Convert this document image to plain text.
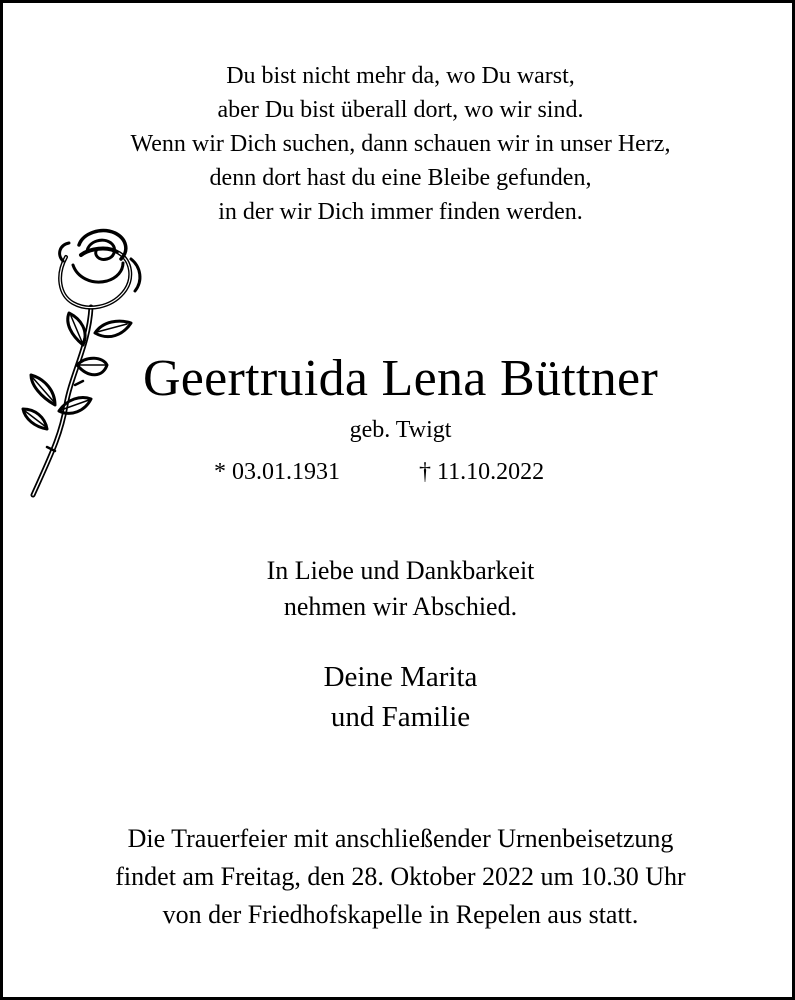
Du bist nicht mehr da, wo Du warst,
aber Du bist überall dort, wo wir sind.
Wenn wir Dich suchen, dann schauen wir in unser Herz,
denn dort hast du eine Bleibe gefunden,
in der wir Dich immer finden werden.
Geertruida Lena Büttner
geb. Twigt
* 03.01.1931	† 11.10.2022
In Liebe und Dankbarkeit
nehmen wir Abschied.
Deine Marita
und Familie
Die Trauerfeier mit anschließender Urnenbeisetzung
findet am Freitag, den 28. Oktober 2022 um 10.30 Uhr
von der Friedhofskapelle in Repelen aus statt.
